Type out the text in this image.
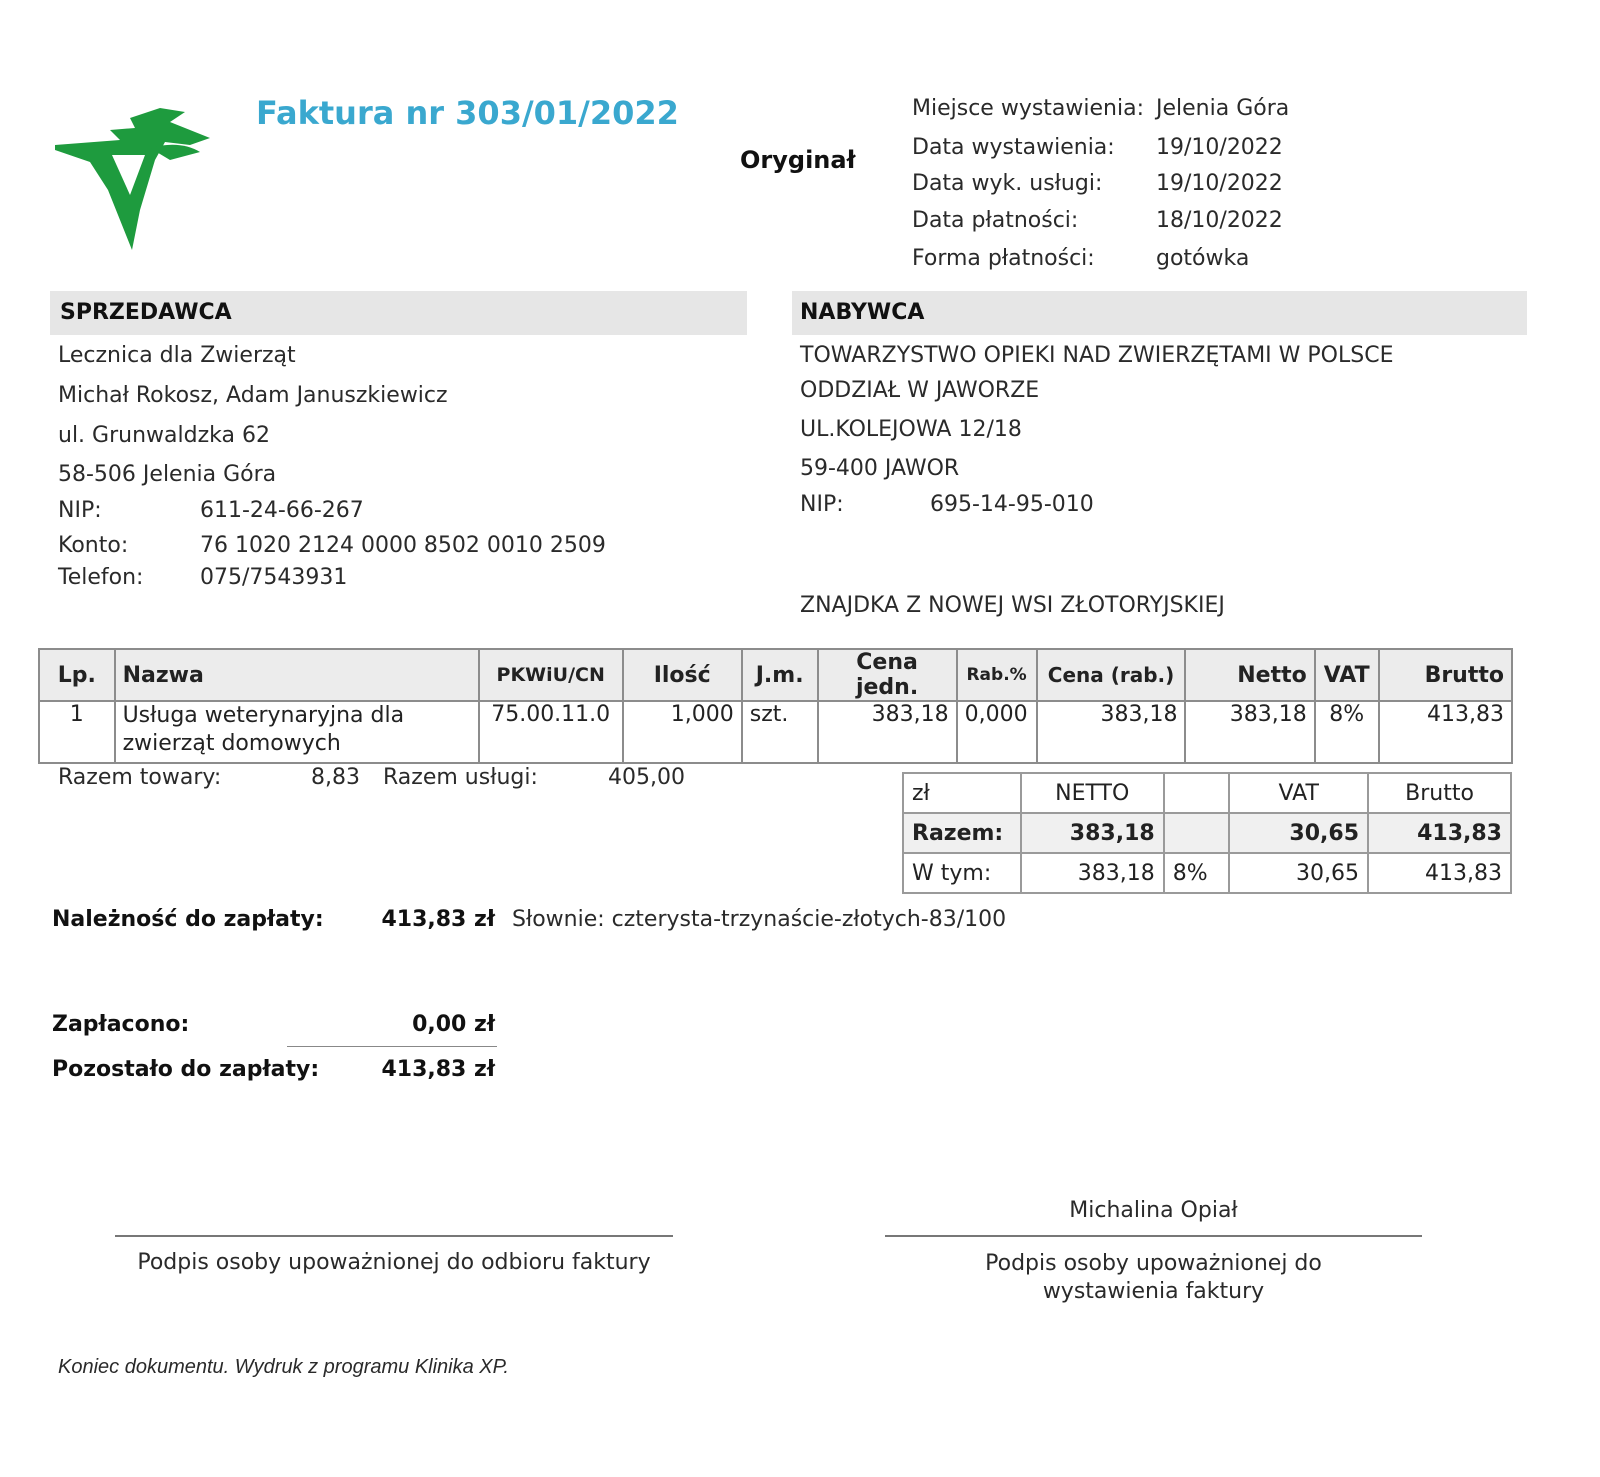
Faktura nr 303/01/2022
Oryginał
Miejsce wystawienia: Jelenia Góra
Data wystawienia: 19/10/2022
Data wyk. usługi: 19/10/2022
Data płatności:	18/10/2022
Forma płatności:	gotówka
SPRZEDAWCA
Lecznica dla Zwierząt
Michał Rokosz, Adam Januszkiewicz
ul. Grunwaldzka 62
58-506 Jelenia Góra
NIP:	611-24-66-267
Konto:	76 1020 2124 0000 8502 0010 2509
Telefon:	075/7543931
NABYWCA
TOWARZYSTWO OPIEKI NAD ZWIERZĘTAMI W POLSCE
ODDZIAŁ W JAWORZE
UL.KOLEJOWA 12/18
59-400 JAWOR
NIP:	695-14-95-010
ZNAJDKA Z NOWEJ WSI ZŁOTORYJSKIEJ
Lp.	Nazwa	PKWiU/CN	Ilość	J.m.	Cena jedn.	Rab.%	Cena (rab.)	Netto	VAT	Brutto
1	Usługa weterynaryjna dla zwierząt domowych	75.00.11.0	1,000	szt.	383,18	0,000	383,18	383,18	8%	413,83
Razem towary:	8,83 Razem usługi:	405,00
zł	NETTO		VAT	Brutto
Razem:	383,18		30,65	413,83
W tym:	383,18	8%	30,65	413,83
Należność do zapłaty:	413,83 zł Słownie: czterysta-trzynaście-złotych-83/100
Zapłacono:	0,00 zł
Pozostało do zapłaty:	413,83 zł
Michalina Opiał
Podpis osoby upoważnionej do odbioru faktury	Podpis osoby upoważnionej do wystawienia faktury
Koniec dokumentu. Wydruk z programu Klinika XP.
